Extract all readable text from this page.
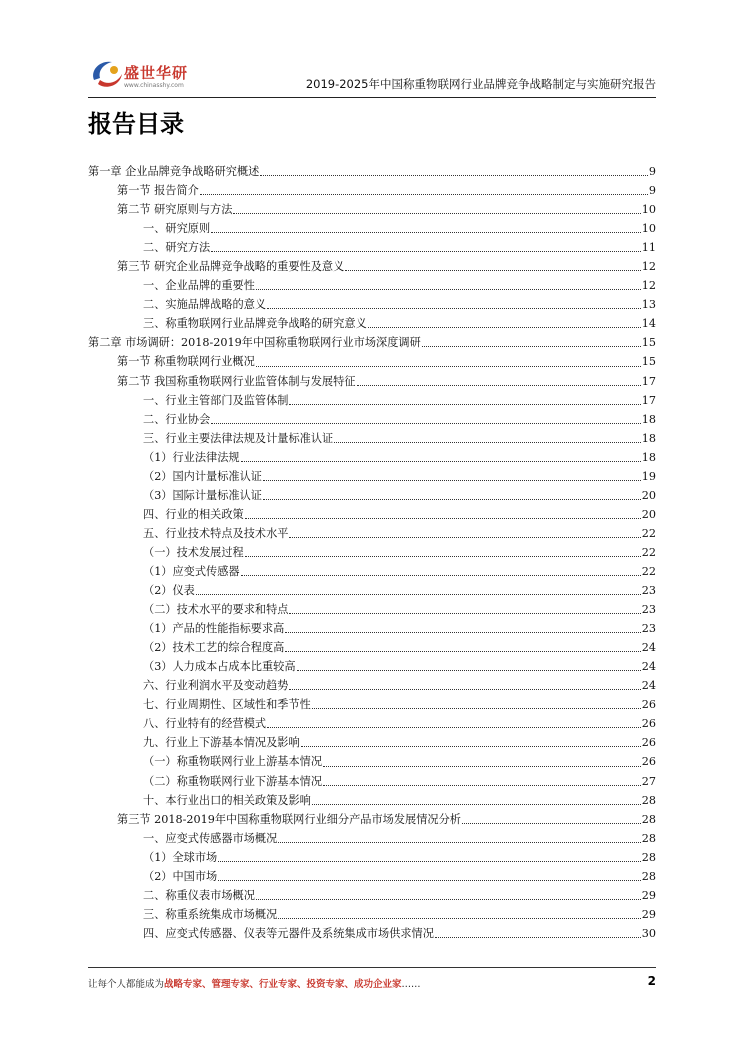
盛世华研
www.chinasshy.com	2019-2025年中国称重物联网行业品牌竞争战略制定与实施研究报告
报告目录
第一章 企业品牌竞争战略研究概述	9
第一节 报告简介	9
第二节 研究原则与方法	10
一、研究原则	10
二、研究方法	11
第三节 研究企业品牌竞争战略的重要性及意义	12
一、企业品牌的重要性	12
二、实施品牌战略的意义	13
三、称重物联网行业品牌竞争战略的研究意义	14
第二章 市场调研：2018-2019年中国称重物联网行业市场深度调研	15
第一节 称重物联网行业概况	15
第二节 我国称重物联网行业监管体制与发展特征	17
一、行业主管部门及监管体制	17
二、行业协会	18
三、行业主要法律法规及计量标准认证	18
（1）行业法律法规	18
（2）国内计量标准认证	19
（3）国际计量标准认证	20
四、行业的相关政策	20
五、行业技术特点及技术水平	22
（一）技术发展过程	22
（1）应变式传感器	22
（2）仪表	23
（二）技术水平的要求和特点	23
（1）产品的性能指标要求高	23
（2）技术工艺的综合程度高	24
（3）人力成本占成本比重较高	24
六、行业利润水平及变动趋势	24
七、行业周期性、区域性和季节性	26
八、行业特有的经营模式	26
九、行业上下游基本情况及影响	26
（一）称重物联网行业上游基本情况	26
（二）称重物联网行业下游基本情况	27
十、本行业出口的相关政策及影响	28
第三节 2018-2019年中国称重物联网行业细分产品市场发展情况分析	28
一、应变式传感器市场概况	28
（1）全球市场	28
（2）中国市场	28
二、称重仪表市场概况	29
三、称重系统集成市场概况	29
四、应变式传感器、仪表等元器件及系统集成市场供求情况	30
让每个人都能成为战略专家、管理专家、行业专家、投资专家、成功企业家……	2
